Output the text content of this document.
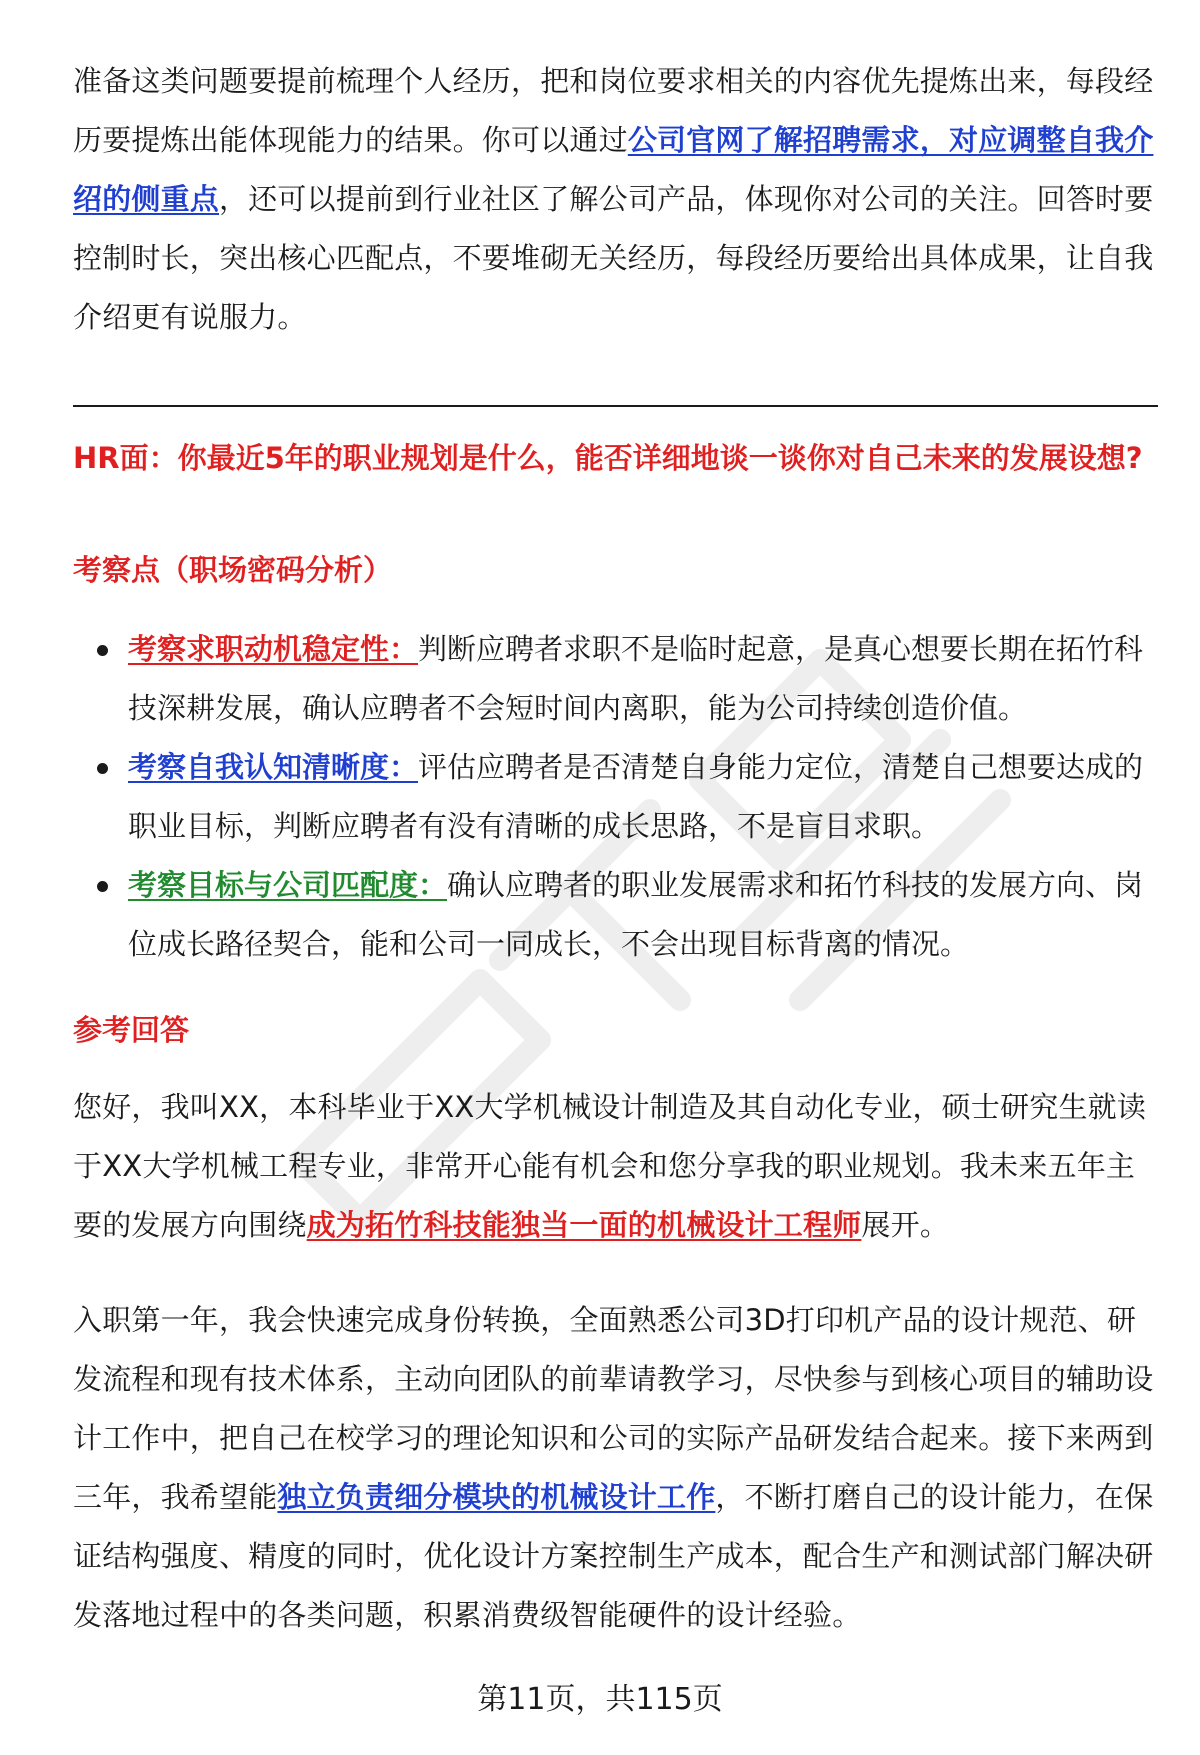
准备这类问题要提前梳理个人经历，把和岗位要求相关的内容优先提炼出来，每段经历要提炼出能体现能力的结果。你可以通过公司官网了解招聘需求，对应调整自我介绍的侧重点，还可以提前到行业社区了解公司产品，体现你对公司的关注。回答时要控制时长，突出核心匹配点，不要堆砌无关经历，每段经历要给出具体成果，让自我介绍更有说服力。

HR面：你最近5年的职业规划是什么，能否详细地谈一谈你对自己未来的发展设想?

考察点（职场密码分析）

考察求职动机稳定性：判断应聘者求职不是临时起意，是真心想要长期在拓竹科技深耕发展，确认应聘者不会短时间内离职，能为公司持续创造价值。
考察自我认知清晰度：评估应聘者是否清楚自身能力定位，清楚自己想要达成的职业目标，判断应聘者有没有清晰的成长思路，不是盲目求职。
考察目标与公司匹配度：确认应聘者的职业发展需求和拓竹科技的发展方向、岗位成长路径契合，能和公司一同成长，不会出现目标背离的情况。

参考回答

您好，我叫XX，本科毕业于XX大学机械设计制造及其自动化专业，硕士研究生就读于XX大学机械工程专业，非常开心能有机会和您分享我的职业规划。我未来五年主要的发展方向围绕成为拓竹科技能独当一面的机械设计工程师展开。

入职第一年，我会快速完成身份转换，全面熟悉公司3D打印机产品的设计规范、研发流程和现有技术体系，主动向团队的前辈请教学习，尽快参与到核心项目的辅助设计工作中，把自己在校学习的理论知识和公司的实际产品研发结合起来。接下来两到三年，我希望能独立负责细分模块的机械设计工作，不断打磨自己的设计能力，在保证结构强度、精度的同时，优化设计方案控制生产成本，配合生产和测试部门解决研发落地过程中的各类问题，积累消费级智能硬件的设计经验。

第11页，共115页
